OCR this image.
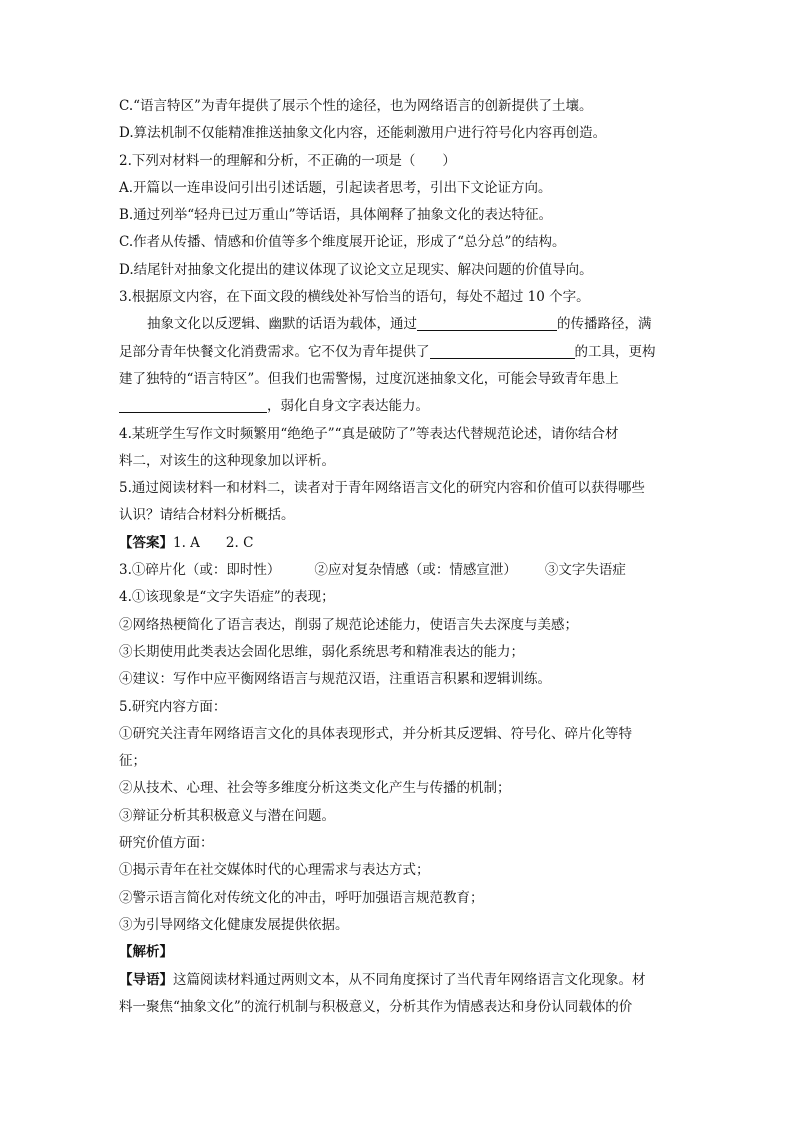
C.“语言特区”为青年提供了展示个性的途径，也为网络语言的创新提供了土壤。
D.算法机制不仅能精准推送抽象文化内容，还能刺激用户进行符号化内容再创造。
2.下列对材料一的理解和分析，不正确的一项是（　　）
A.开篇以一连串设问引出引述话题，引起读者思考，引出下文论证方向。
B.通过列举“轻舟已过万重山”等话语，具体阐释了抽象文化的表达特征。
C.作者从传播、情感和价值等多个维度展开论证，形成了“总分总”的结构。
D.结尾针对抽象文化提出的建议体现了议论文立足现实、解决问题的价值导向。
3.根据原文内容，在下面文段的横线处补写恰当的语句，每处不超过 10 个字。
抽象文化以反逻辑、幽默的话语为载体，通过	的传播路径，满
足部分青年快餐文化消费需求。它不仅为青年提供了	的工具，更构
建了独特的“语言特区”。但我们也需警惕，过度沉迷抽象文化，可能会导致青年患上
，弱化自身文字表达能力。
4.某班学生写作文时频繁用“绝绝子”“真是破防了”等表达代替规范论述，请你结合材
料二，对该生的这种现象加以评析。
5.通过阅读材料一和材料二，读者对于青年网络语言文化的研究内容和价值可以获得哪些
认识？请结合材料分析概括。
【答案】1. A 2. C
3.①碎片化（或：即时性）	②应对复杂情感（或：情感宣泄） ③文字失语症
4.①该现象是“文字失语症”的表现；
②网络热梗简化了语言表达，削弱了规范论述能力，使语言失去深度与美感；
③长期使用此类表达会固化思维，弱化系统思考和精准表达的能力；
④建议：写作中应平衡网络语言与规范汉语，注重语言积累和逻辑训练。
5.研究内容方面：
①研究关注青年网络语言文化的具体表现形式，并分析其反逻辑、符号化、碎片化等特
征；
②从技术、心理、社会等多维度分析这类文化产生与传播的机制；
③辩证分析其积极意义与潜在问题。
研究价值方面：
①揭示青年在社交媒体时代的心理需求与表达方式；
②警示语言简化对传统文化的冲击，呼吁加强语言规范教育；
③为引导网络文化健康发展提供依据。
【解析】
【导语】这篇阅读材料通过两则文本，从不同角度探讨了当代青年网络语言文化现象。材
料一聚焦“抽象文化”的流行机制与积极意义，分析其作为情感表达和身份认同载体的价
